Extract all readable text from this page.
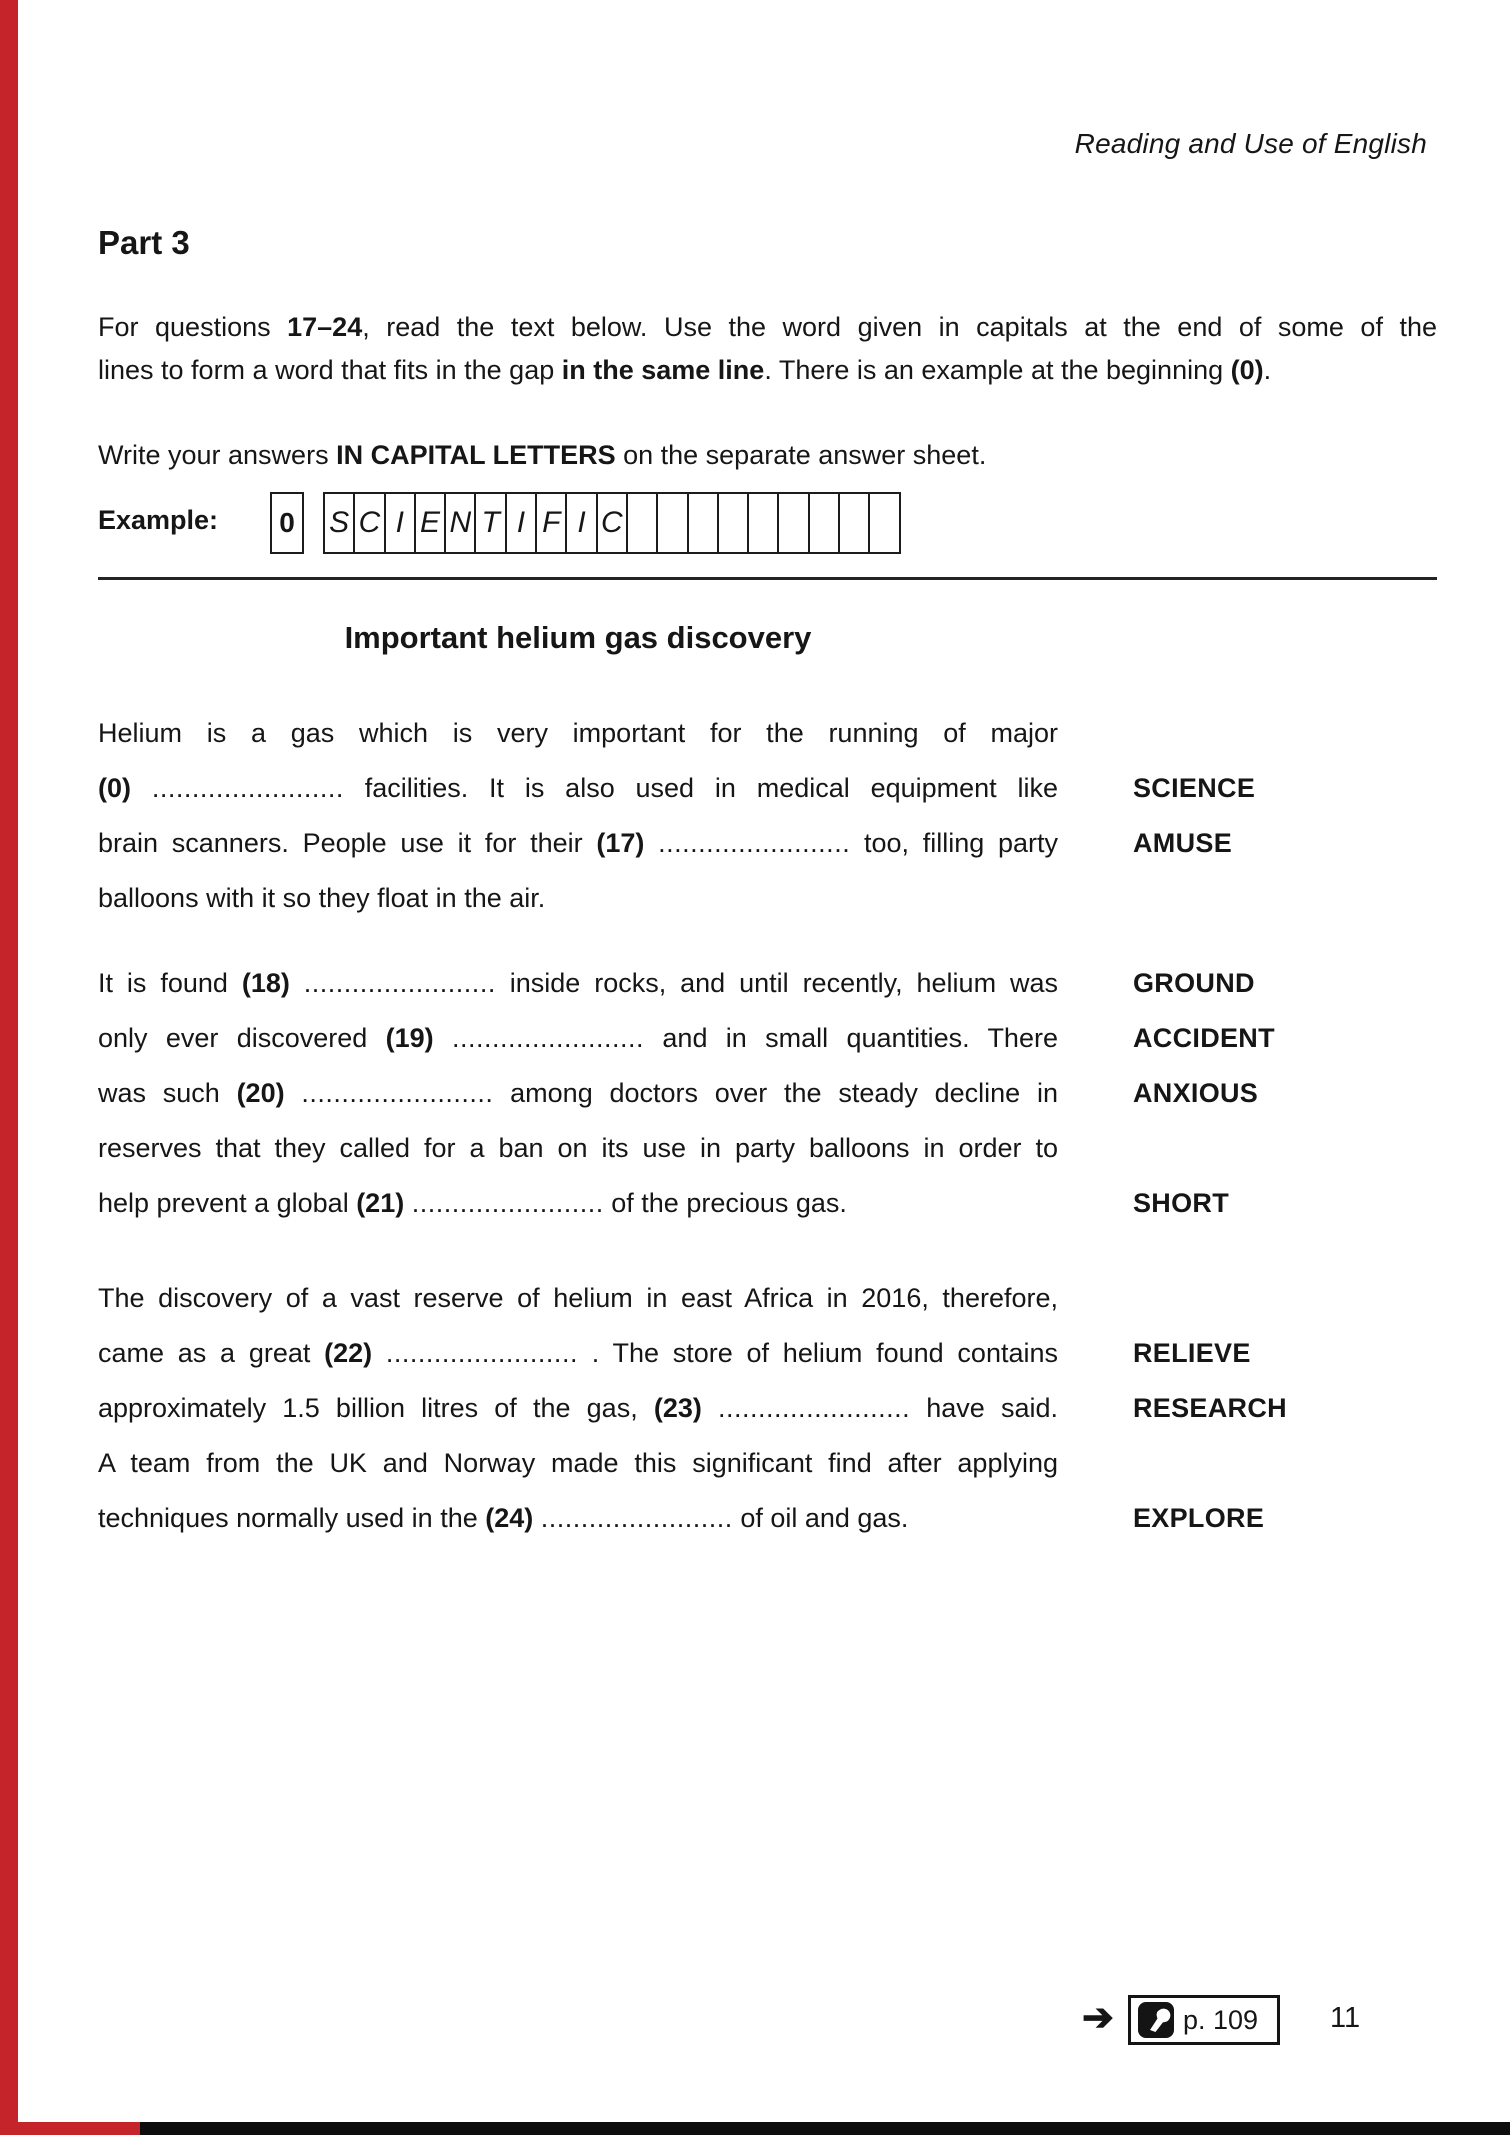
Reading and Use of English
Part 3
For questions 17–24, read the text below. Use the word given in capitals at the end of some of the
lines to form a word that fits in the gap in the same line. There is an example at the beginning (0).
Write your answers IN CAPITAL LETTERS on the separate answer sheet.
Example:	0	S C I E N T I F I C
Important helium gas discovery
Helium is a gas which is very important for the running of major
(0) ........................ facilities. It is also used in medical equipment like	SCIENCE
brain scanners. People use it for their (17) ........................ too, filling party	AMUSE
balloons with it so they float in the air.
It is found (18) ........................ inside rocks, and until recently, helium was	GROUND
only ever discovered (19) ........................ and in small quantities. There	ACCIDENT
was such (20) ........................ among doctors over the steady decline in	ANXIOUS
reserves that they called for a ban on its use in party balloons in order to
help prevent a global (21) ........................ of the precious gas.	SHORT
The discovery of a vast reserve of helium in east Africa in 2016, therefore,
came as a great (22) ........................ . The store of helium found contains	RELIEVE
approximately 1.5 billion litres of the gas, (23) ........................ have said.	RESEARCH
A team from the UK and Norway made this significant find after applying
techniques normally used in the (24) ........................ of oil and gas.	EXPLORE
➔	p. 109 11
